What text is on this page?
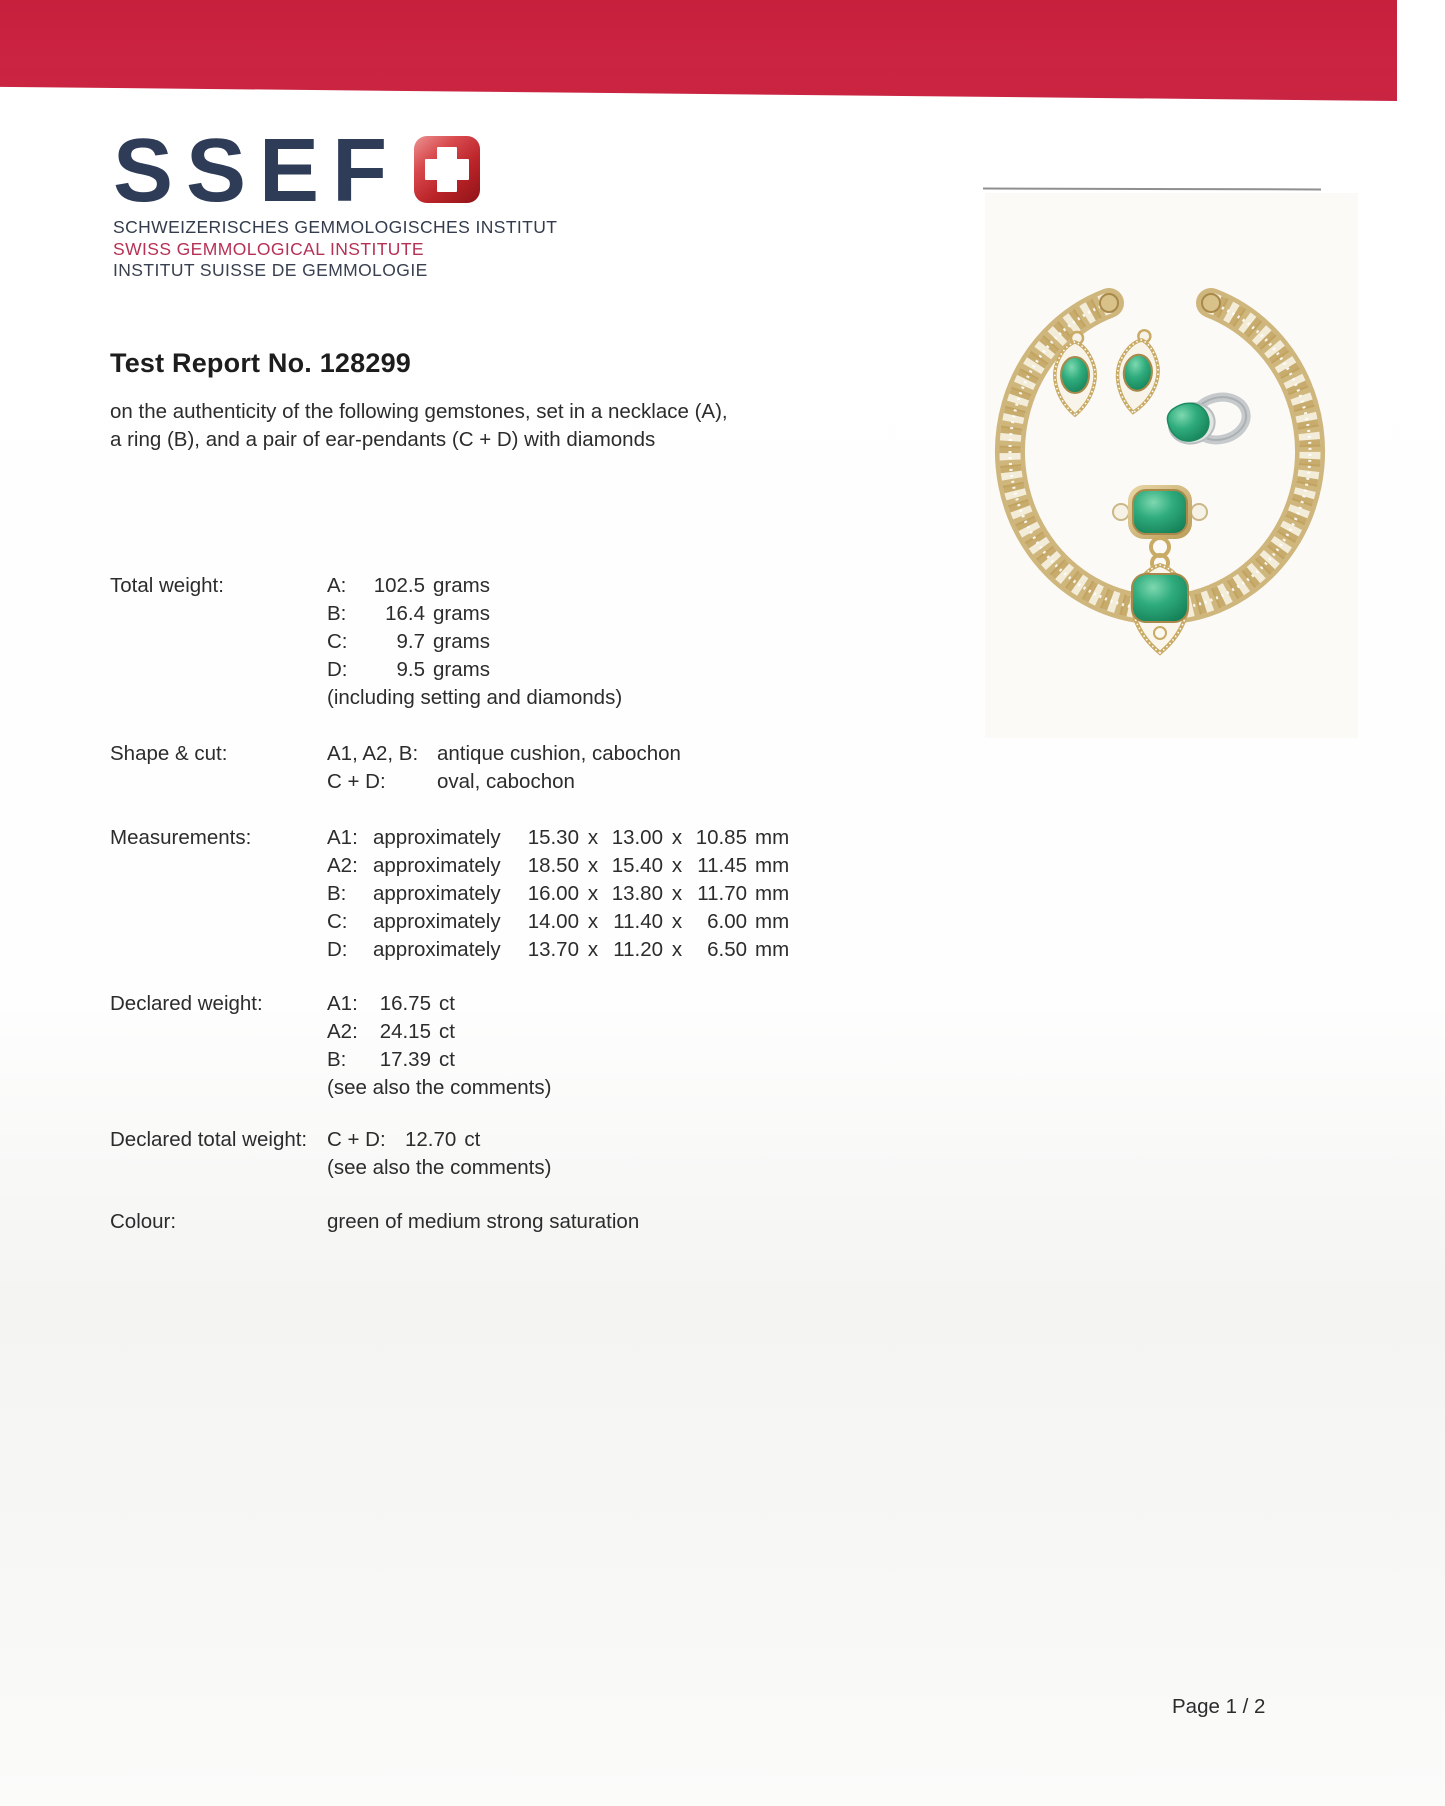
SSEF
SCHWEIZERISCHES GEMMOLOGISCHES INSTITUT
SWISS GEMMOLOGICAL INSTITUTE
INSTITUT SUISSE DE GEMMOLOGIE
Test Report No. 128299
on the authenticity of the following gemstones, set in a necklace (A),
a ring (B), and a pair of ear-pendants (C + D) with diamonds
Total weight:	A:	102.5 grams
B:	16.4 grams
C:	9.7 grams
D:	9.5 grams
(including setting and diamonds)
Shape & cut:	A1, A2, B: antique cushion, cabochon
C + D:	oval, cabochon
Measurements:	A1: approximately	15.30 x 13.00 x 10.85 mm
A2: approximately	18.50 x 15.40 x 11.45 mm
B:	approximately	16.00 x 13.80 x 11.70 mm
C:	approximately	14.00 x 11.40 x	6.00 mm
D:	approximately	13.70 x 11.20 x	6.50 mm
Declared weight:	A1:	16.75 ct
A2:	24.15 ct
B:	17.39 ct
(see also the comments)
Declared total weight: C + D: 12.70 ct
(see also the comments)
Colour:	green of medium strong saturation
Page 1 / 2
